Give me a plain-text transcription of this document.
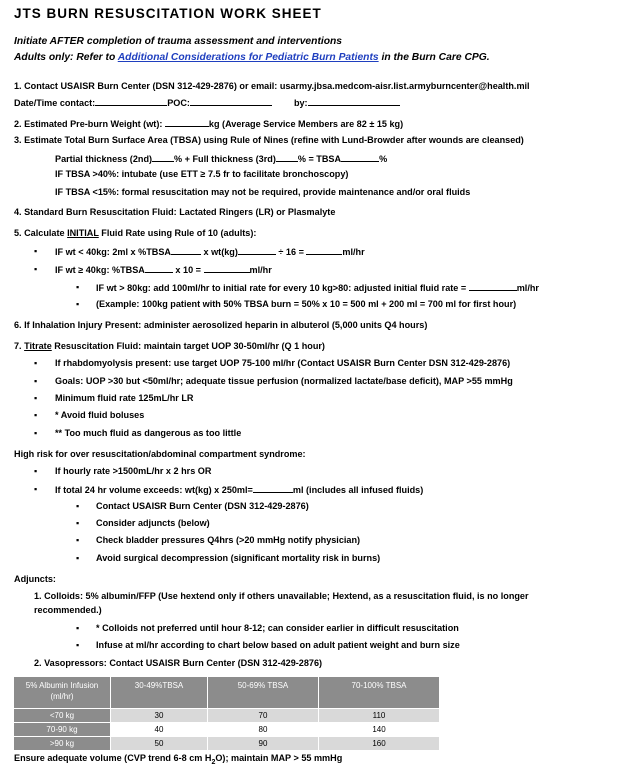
JTS BURN RESUSCITATION WORK SHEET
Initiate AFTER completion of trauma assessment and interventions
Adults only: Refer to Additional Considerations for Pediatric Burn Patients in the Burn Care CPG.
1. Contact USAISR Burn Center (DSN 312-429-2876) or email: usarmy.jbsa.medcom-aisr.list.armyburncenter@health.mil
Date/Time contact:	POC:	by:
2. Estimated Pre-burn Weight (wt):	kg (Average Service Members are 82 ± 15 kg)
3. Estimate Total Burn Surface Area (TBSA) using Rule of Nines (refine with Lund-Browder after wounds are cleansed)
Partial thickness (2nd) % + Full thickness (3rd) % = TBSA	%
IF TBSA >40%: intubate (use ETT ≥ 7.5 fr to facilitate bronchoscopy)
IF TBSA <15%: formal resuscitation may not be required, provide maintenance and/or oral fluids
4. Standard Burn Resuscitation Fluid: Lactated Ringers (LR) or Plasmalyte
5. Calculate INITIAL Fluid Rate using Rule of 10 (adults):
▪ IF wt < 40kg: 2ml x %TBSA	x wt(kg)	÷ 16 =	ml/hr
▪ IF wt ≥ 40kg: %TBSA	x 10 =	ml/hr
▪ IF wt > 80kg: add 100ml/hr to initial rate for every 10 kg>80: adjusted initial fluid rate =	ml/hr
▪ (Example: 100kg patient with 50% TBSA burn = 50% x 10 = 500 ml + 200 ml = 700 ml for first hour)
6. If Inhalation Injury Present: administer aerosolized heparin in albuterol (5,000 units Q4 hours)
7. Titrate Resuscitation Fluid: maintain target UOP 30-50ml/hr (Q 1 hour)
▪ If rhabdomyolysis present: use target UOP 75-100 ml/hr (Contact USAISR Burn Center DSN 312-429-2876)
▪ Goals: UOP >30 but <50ml/hr; adequate tissue perfusion (normalized lactate/base deficit), MAP >55 mmHg
▪ Minimum fluid rate 125mL/hr LR
▪ * Avoid fluid boluses
▪ ** Too much fluid as dangerous as too little
High risk for over resuscitation/abdominal compartment syndrome:
▪ If hourly rate >1500mL/hr x 2 hrs OR
▪ If total 24 hr volume exceeds: wt(kg) x 250ml=	ml (includes all infused fluids)
▪ Contact USAISR Burn Center (DSN 312-429-2876)
▪ Consider adjuncts (below)
▪ Check bladder pressures Q4hrs (>20 mmHg notify physician)
▪ Avoid surgical decompression (significant mortality risk in burns)
Adjuncts:
1. Colloids: 5% albumin/FFP (Use hextend only if others unavailable; Hextend, as a resuscitation fluid, is no longer
recommended.)
▪ * Colloids not preferred until hour 8-12; can consider earlier in difficult resuscitation
▪ Infuse at ml/hr according to chart below based on adult patient weight and burn size
2. Vasopressors: Contact USAISR Burn Center (DSN 312-429-2876)
5% Albumin Infusion
(ml/hr)	30-49%TBSA	50-69% TBSA	70-100% TBSA
<70 kg	30	70	110
70-90 kg	40	80	140
>90 kg	50	90	160
Ensure adequate volume (CVP trend 6-8 cm $H_2O$); maintain MAP > 55 mmHg
